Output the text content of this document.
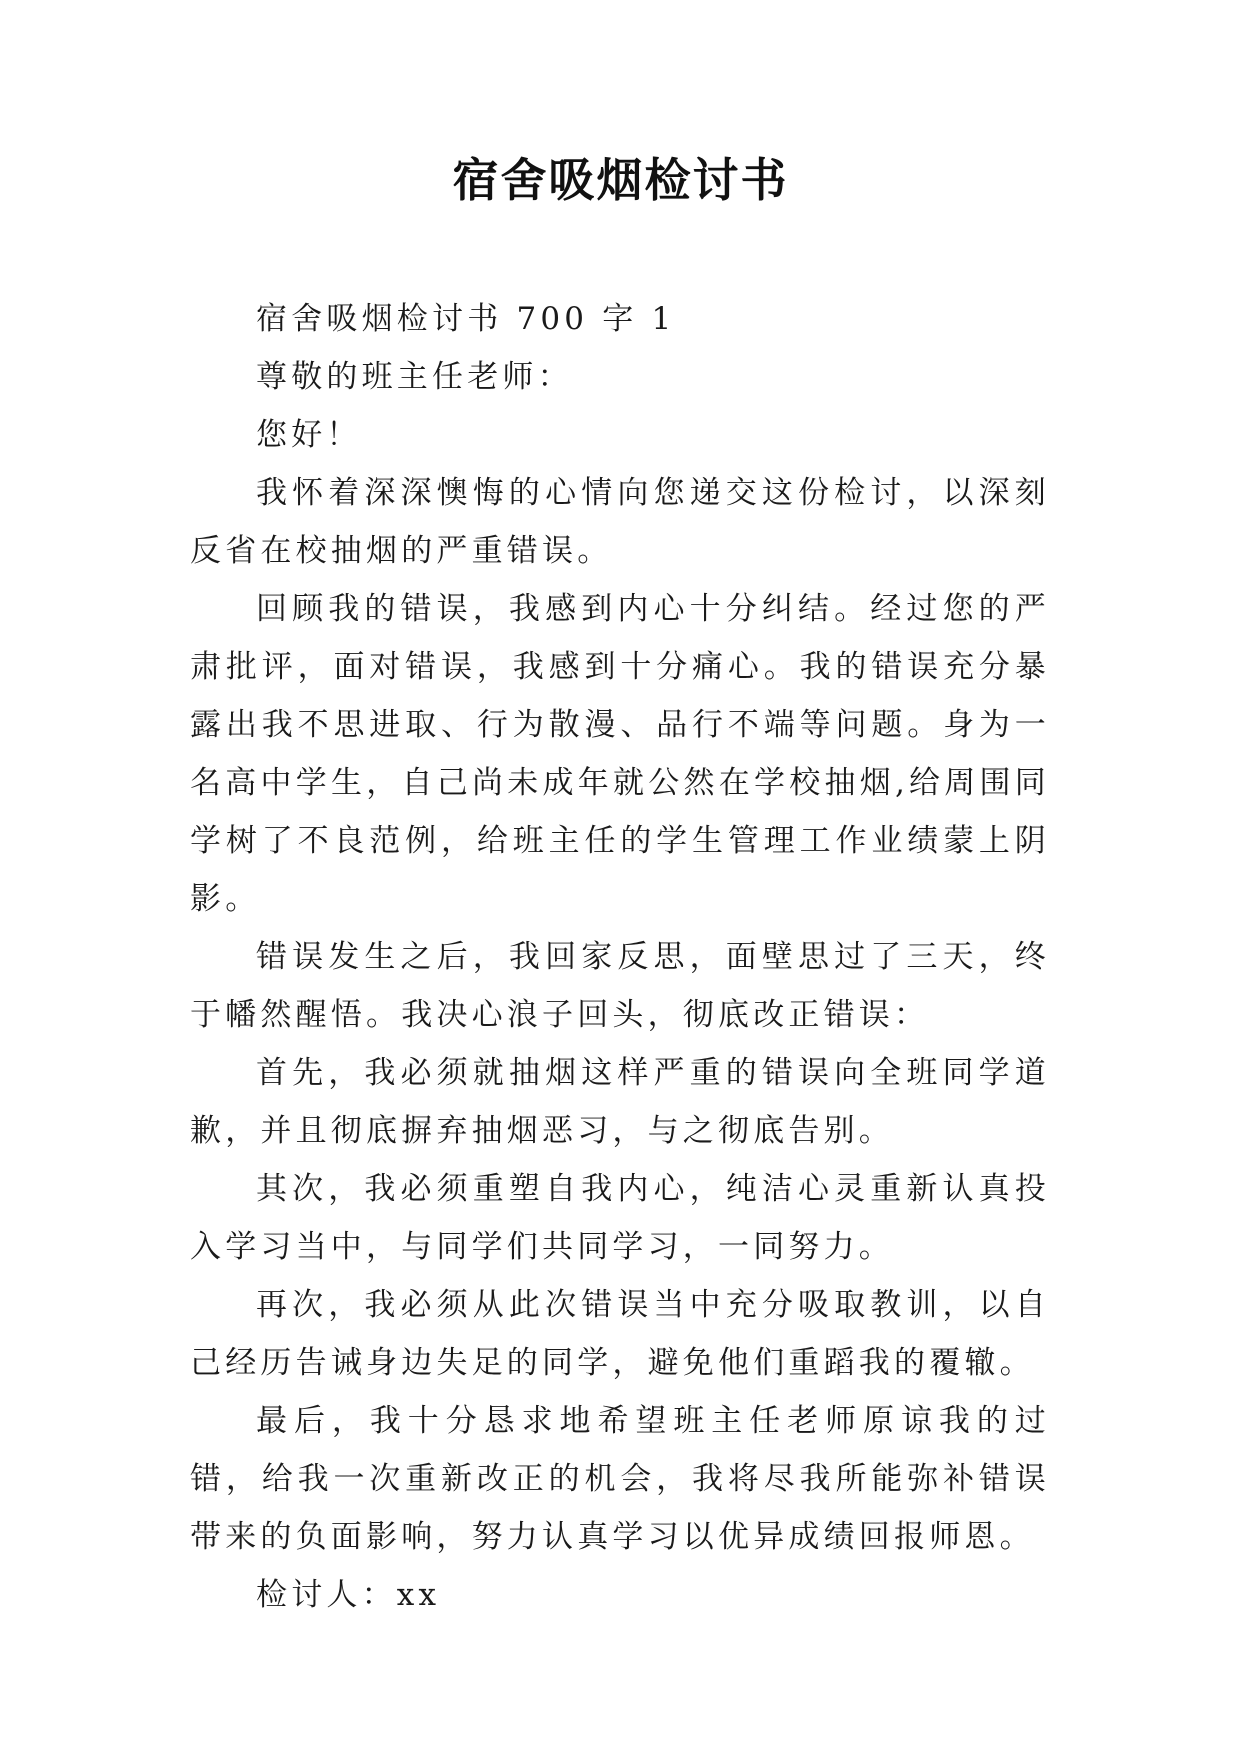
宿舍吸烟检讨书

宿舍吸烟检讨书 700 字 1

尊敬的班主任老师：

您好！

我怀着深深懊悔的心情向您递交这份检讨，以深刻反省在校抽烟的严重错误。

回顾我的错误，我感到内心十分纠结。经过您的严肃批评，面对错误，我感到十分痛心。我的错误充分暴露出我不思进取、行为散漫、品行不端等问题。身为一名高中学生，自己尚未成年就公然在学校抽烟,给周围同学树了不良范例，给班主任的学生管理工作业绩蒙上阴影。

错误发生之后，我回家反思，面壁思过了三天，终于幡然醒悟。我决心浪子回头，彻底改正错误：

首先，我必须就抽烟这样严重的错误向全班同学道歉，并且彻底摒弃抽烟恶习，与之彻底告别。

其次，我必须重塑自我内心，纯洁心灵重新认真投入学习当中，与同学们共同学习，一同努力。

再次，我必须从此次错误当中充分吸取教训，以自己经历告诫身边失足的同学，避免他们重蹈我的覆辙。

最后，我十分恳求地希望班主任老师原谅我的过错，给我一次重新改正的机会，我将尽我所能弥补错误带来的负面影响，努力认真学习以优异成绩回报师恩。

检讨人：xx
